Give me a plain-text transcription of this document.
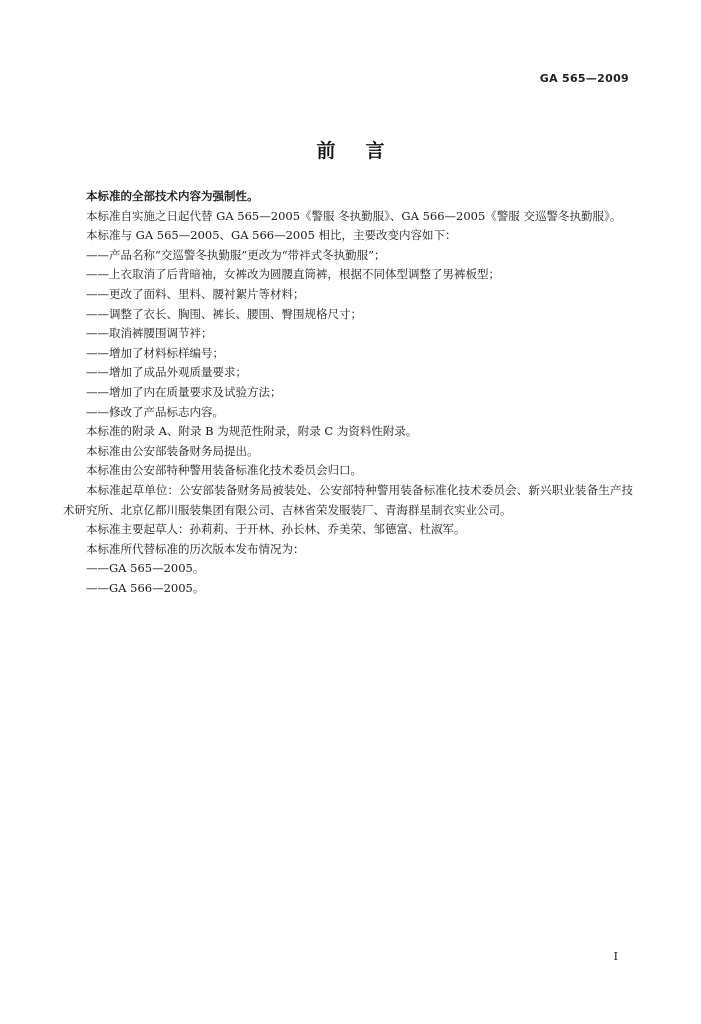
GA 565—2009
前言

本标准的全部技术内容为强制性。

本标准自实施之日起代替 GA 565—2005《警服 冬执勤服》、GA 566—2005《警服 交巡警冬执勤服》。

本标准与 GA 565—2005、GA 566—2005 相比，主要改变内容如下：

——产品名称“交巡警冬执勤服”更改为“带袢式冬执勤服”；

——上衣取消了后背暗袖，女裤改为圆腰直筒裤，根据不同体型调整了男裤板型；

——更改了面料、里料、腰衬絮片等材料；

——调整了衣长、胸围、裤长、腰围、臀围规格尺寸；

——取消裤腰围调节袢；

——增加了材料标样编号；

——增加了成品外观质量要求；

——增加了内在质量要求及试验方法；

——修改了产品标志内容。

本标准的附录 A、附录 B 为规范性附录，附录 C 为资料性附录。

本标准由公安部装备财务局提出。

本标准由公安部特种警用装备标准化技术委员会归口。

本标准起草单位：公安部装备财务局被装处、公安部特种警用装备标准化技术委员会、新兴职业装备生产技术研究所、北京亿都川服装集团有限公司、吉林省荣发服装厂、青海群星制衣实业公司。

本标准主要起草人：孙莉莉、于开林、孙长林、乔美荣、邹德富、杜淑军。

本标准所代替标准的历次版本发布情况为：

——GA 565—2005。

——GA 566—2005。

I
